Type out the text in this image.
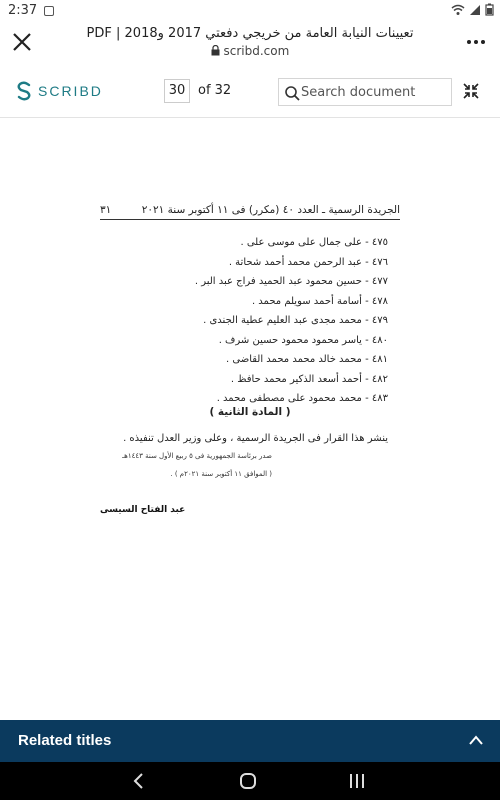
2:37
تعيينات النيابة العامة من خريجي دفعتي 2017 و2018 | PDF
scribd.com
SCRIBD	30 of 32	Search document
٣١	الجريدة الرسمية ـ العدد ٤٠ (مكرر) فى ١١ أكتوبر سنة ٢٠٢١
٤٧٥ - على جمال على موسى على .
٤٧٦ - عبد الرحمن محمد أحمد شحاتة .
٤٧٧ - حسين محمود عبد الحميد فراج عبد البر .
٤٧٨ - أسامة أحمد سويلم محمد .
٤٧٩ - محمد مجدى عبد العليم عطية الجندى .
٤٨٠ - ياسر محمود محمود حسين شرف .
٤٨١ - محمد خالد محمد محمد القاضى .
٤٨٢ - أحمد أسعد الذكير محمد حافظ .
٤٨٣ - محمد محمود على مصطفى محمد .
( المادة الثانية )
ينشر هذا القرار فى الجريدة الرسمية ، وعلى وزير العدل تنفيذه .
صدر برئاسة الجمهورية فى ٥ ربيع الأول سنة ١٤٤٣هـ
( الموافق ١١ أكتوبر سنة ٢٠٢١م ) .
عبد الفتاح السيسى
Related titles
